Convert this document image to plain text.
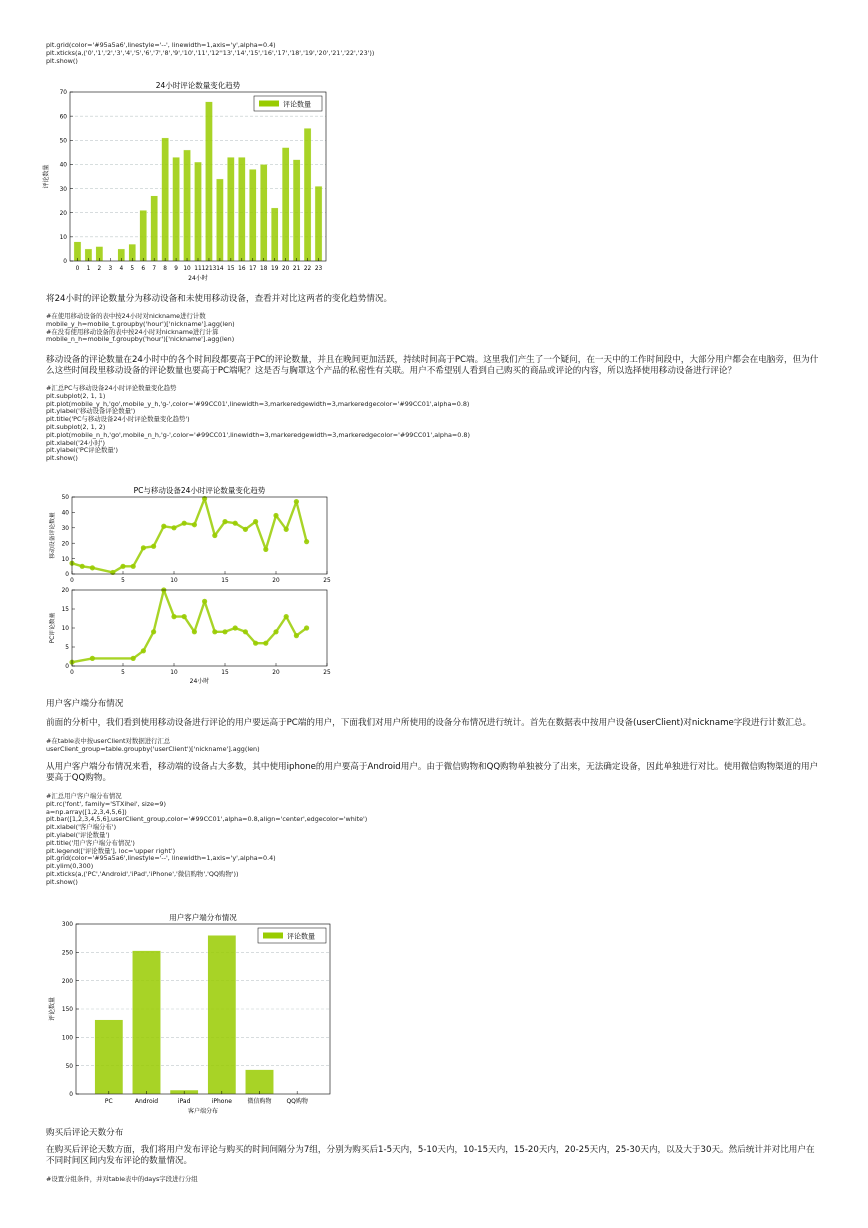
plt.grid(color='#95a5a6',linestyle='--', linewidth=1,axis='y',alpha=0.4)
plt.xticks(a,('0','1','2','3','4','5','6','7','8','9','10','11','12''13','14','15','16','17','18','19','20','21','22','23'))
plt.show()
24小时评论数量变化趋势
0
10
20
30
40
50
60
70
0 1 2 3 4 5 6 7 8 9 10 11 1213 14 15 16 17 18 19 20 21 22 23
24小时
评论数量
评论数量
将24小时的评论数量分为移动设备和未使用移动设备，查看并对比这两者的变化趋势情况。
#在使用移动设备的表中按24小时对nickname进行计数
mobile_y_h=mobile_t.groupby('hour')['nickname'].agg(len)
#在没有使用移动设备的表中按24小时对nickname进行计算
mobile_n_h=mobile_f.groupby('hour')['nickname'].agg(len)
移动设备的评论数量在24小时中的各个时间段都要高于PC的评论数量，并且在晚间更加活跃，持续时间高于PC端。这里我们产生了一个疑问，在一天中的工作时间段中，大部分用户都会在电脑旁，但为什么这些时间段里移动设备的评论数量也要高于PC端呢？这是否与胸罩这个产品的私密性有关联。用户不希望别人看到自己购买的商品或评论的内容，所以选择使用移动设备进行评论？
#汇总PC与移动设备24小时评论数量变化趋势
plt.subplot(2, 1, 1)
plt.plot(mobile_y_h,'go',mobile_y_h,'g-',color='#99CC01',linewidth=3,markeredgewidth=3,markeredgecolor='#99CC01',alpha=0.8)
plt.ylabel('移动设备评论数量')
plt.title('PC与移动设备24小时评论数量变化趋势')
plt.subplot(2, 1, 2)
plt.plot(mobile_n_h,'go',mobile_n_h,'g-',color='#99CC01',linewidth=3,markeredgewidth=3,markeredgecolor='#99CC01',alpha=0.8)
plt.xlabel('24小时')
plt.ylabel('PC评论数量')
plt.show()
PC与移动设备24小时评论数量变化趋势
0
10
20
30
40
50
0	5	10	15	20	25
移动设备评论数量
0
5
10
15
20
0	5	10	15	20	25
24小时
PC评论数量
用户客户端分布情况
前面的分析中，我们看到使用移动设备进行评论的用户要远高于PC端的用户，下面我们对用户所使用的设备分布情况进行统计。首先在数据表中按用户设备(userClient)对nickname字段进行计数汇总。
#在table表中按userClient对数据进行汇总
userClient_group=table.groupby('userClient')['nickname'].agg(len)
从用户客户端分布情况来看，移动端的设备占大多数，其中使用iphone的用户要高于Android用户。由于微信购物和QQ购物单独被分了出来，无法确定设备，因此单独进行对比。使用微信购物渠道的用户要高于QQ购物。
#汇总用户客户端分布情况
plt.rc('font', family='STXihei', size=9)
a=np.array([1,2,3,4,5,6])
plt.bar([1,2,3,4,5,6],userClient_group,color='#99CC01',alpha=0.8,align='center',edgecolor='white')
plt.xlabel('客户端分布')
plt.ylabel('评论数量')
plt.title('用户客户端分布情况')
plt.legend(['评论数量'], loc='upper right')
plt.grid(color='#95a5a6',linestyle='--', linewidth=1,axis='y',alpha=0.4)
plt.ylim(0,300)
plt.xticks(a,('PC','Android','iPad','iPhone','微信购物','QQ购物'))
plt.show()
用户客户端分布情况
0
50
100
150
200
250
300
PC	Android	iPad	iPhone	微信购物 QQ购物
客户端分布
评论数量
评论数量
购买后评论天数分布
在购买后评论天数方面，我们将用户发布评论与购买的时间间隔分为7组，分别为购买后1-5天内，5-10天内，10-15天内，15-20天内，20-25天内，25-30天内，以及大于30天。然后统计并对比用户在不同时间区间内发布评论的数量情况。
#设置分组条件，并对table表中的days字段进行分组
